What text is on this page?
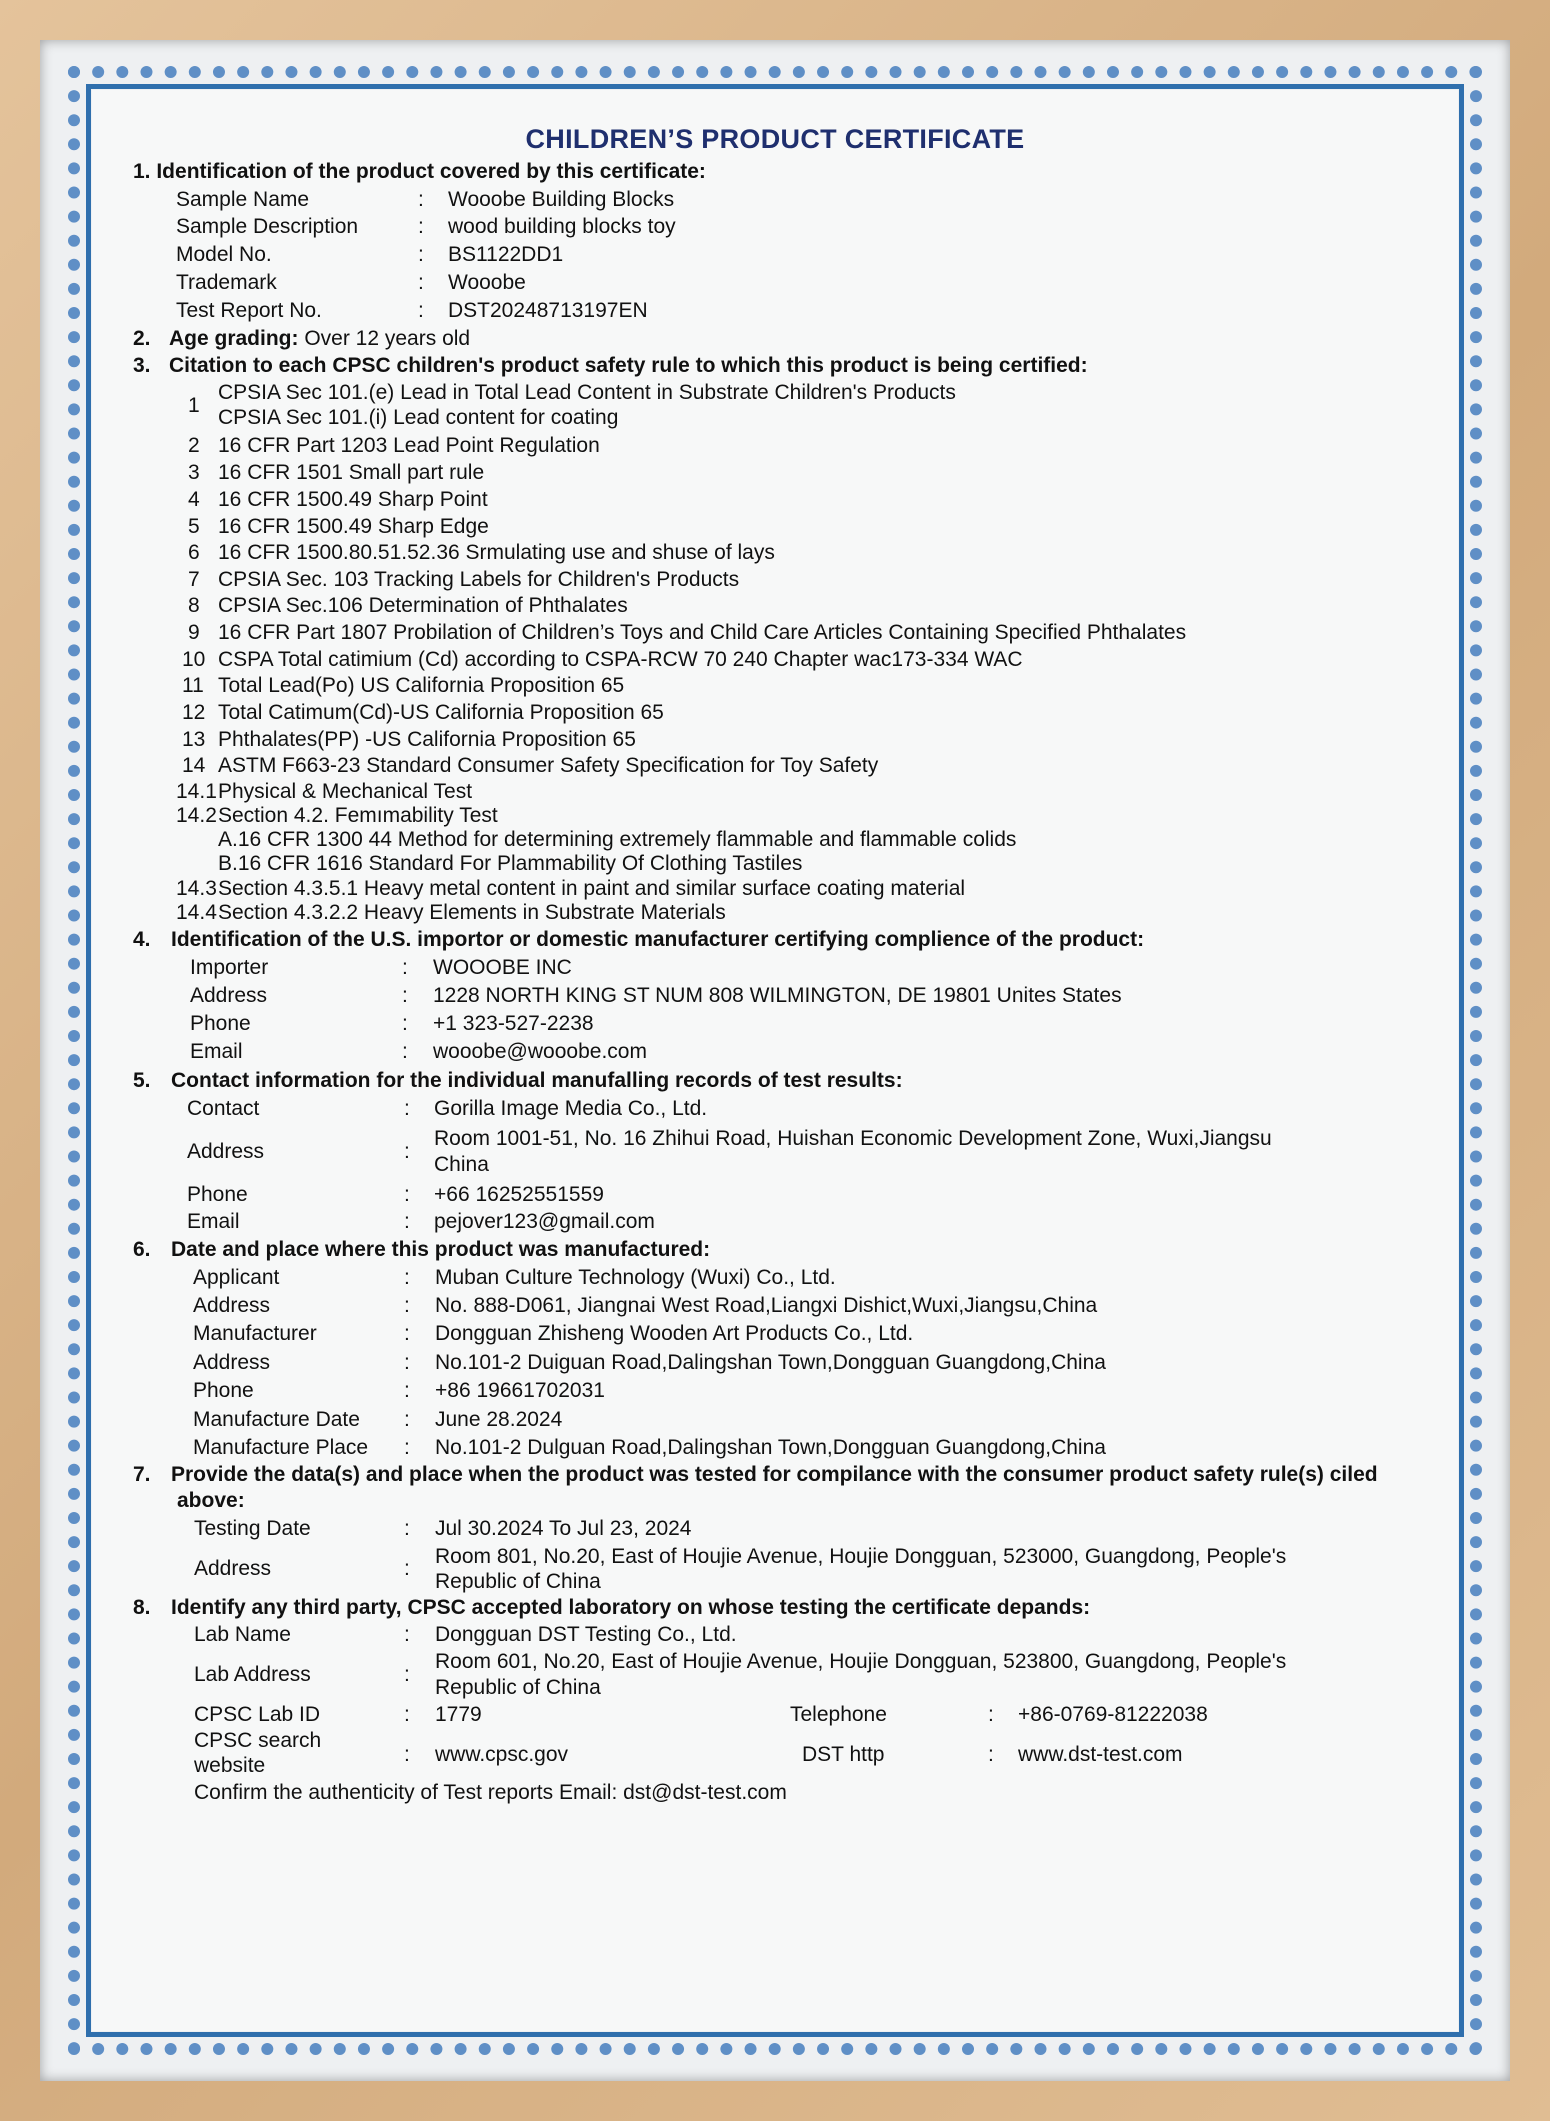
CHILDREN’S PRODUCT CERTIFICATE
1. Identification of the product covered by this certificate:
2. Age grading: Over 12 years old
3. Citation to each CPSC children's product safety rule to which this product is being certified:
4. Identification of the U.S. importor or domestic manufacturer certifying complience of the product:
5. Contact information for the individual manufalling records of test results:
6. Date and place where this product was manufactured:
7. Provide the data(s) and place when the product was tested for compilance with the consumer product safety rule(s) ciled
above:
8. Identify any third party, CPSC accepted laboratory on whose testing the certificate depands:
Lab Name	: Dongguan DST Testing Co., Ltd.
Lab Address	:
Room 601, No.20, East of Houjie Avenue, Houjie Dongguan, 523800, Guangdong, People's
Republic of China
CPSC Lab ID	: 1779	Telephone	: +86-0769-81222038
CPSC search
website	: www.cpsc.gov	DST http	: www.dst-test.com
Confirm the authenticity of Test reports Email: dst@dst-test.com
Sample Name	: Wooobe Building Blocks
Sample Description	: wood building blocks toy
Model No.	: BS1122DD1
Trademark	: Wooobe
Test Report No.	: DST20248713197EN
1
CPSIA Sec 101.(e) Lead in Total Lead Content in Substrate Children's Products
CPSIA Sec 101.(i) Lead content for coating
2 16 CFR Part 1203 Lead Point Regulation
3 16 CFR 1501 Small part rule
4 16 CFR 1500.49 Sharp Point
5 16 CFR 1500.49 Sharp Edge
6 16 CFR 1500.80.51.52.36 Srmulating use and shuse of lays
7 CPSIA Sec. 103 Tracking Labels for Children's Products
8 CPSIA Sec.106 Determination of Phthalates
9 16 CFR Part 1807 Probilation of Children’s Toys and Child Care Articles Containing Specified Phthalates
10 CSPA Total catimium (Cd) according to CSPA-RCW 70 240 Chapter wac173-334 WAC
11 Total Lead(Po) US California Proposition 65
12 Total Catimum(Cd)-US California Proposition 65
13 Phthalates(PP) -US California Proposition 65
14 ASTM F663-23 Standard Consumer Safety Specification for Toy Safety
14.1 Physical & Mechanical Test
14.2 Section 4.2. Femımability Test
A.16 CFR 1300 44 Method for determining extremely flammable and flammable colids
B.16 CFR 1616 Standard For Plammability Of Clothing Tastiles
14.3 Section 4.3.5.1 Heavy metal content in paint and similar surface coating material
14.4 Section 4.3.2.2 Heavy Elements in Substrate Materials
Importer	: WOOOBE INC
Address	: 1228 NORTH KING ST NUM 808 WILMINGTON, DE 19801 Unites States
Phone	: +1 323-527-2238
Email	: wooobe@wooobe.com
Contact	: Gorilla Image Media Co., Ltd.
Address	:
Room 1001-51, No. 16 Zhihui Road, Huishan Economic Development Zone, Wuxi,Jiangsu
China
Phone	: +66 16252551559
Email	: pejover123@gmail.com
Applicant	: Muban Culture Technology (Wuxi) Co., Ltd.
Address	: No. 888-D061, Jiangnai West Road,Liangxi Dishict,Wuxi,Jiangsu,China
Manufacturer	: Dongguan Zhisheng Wooden Art Products Co., Ltd.
Address	: No.101-2 Duiguan Road,Dalingshan Town,Dongguan Guangdong,China
Phone	: +86 19661702031
Manufacture Date : June 28.2024
Manufacture Place : No.101-2 Dulguan Road,Dalingshan Town,Dongguan Guangdong,China
Testing Date	: Jul 30.2024 To Jul 23, 2024
Address	:
Room 801, No.20, East of Houjie Avenue, Houjie Dongguan, 523000, Guangdong, People's
Republic of China
